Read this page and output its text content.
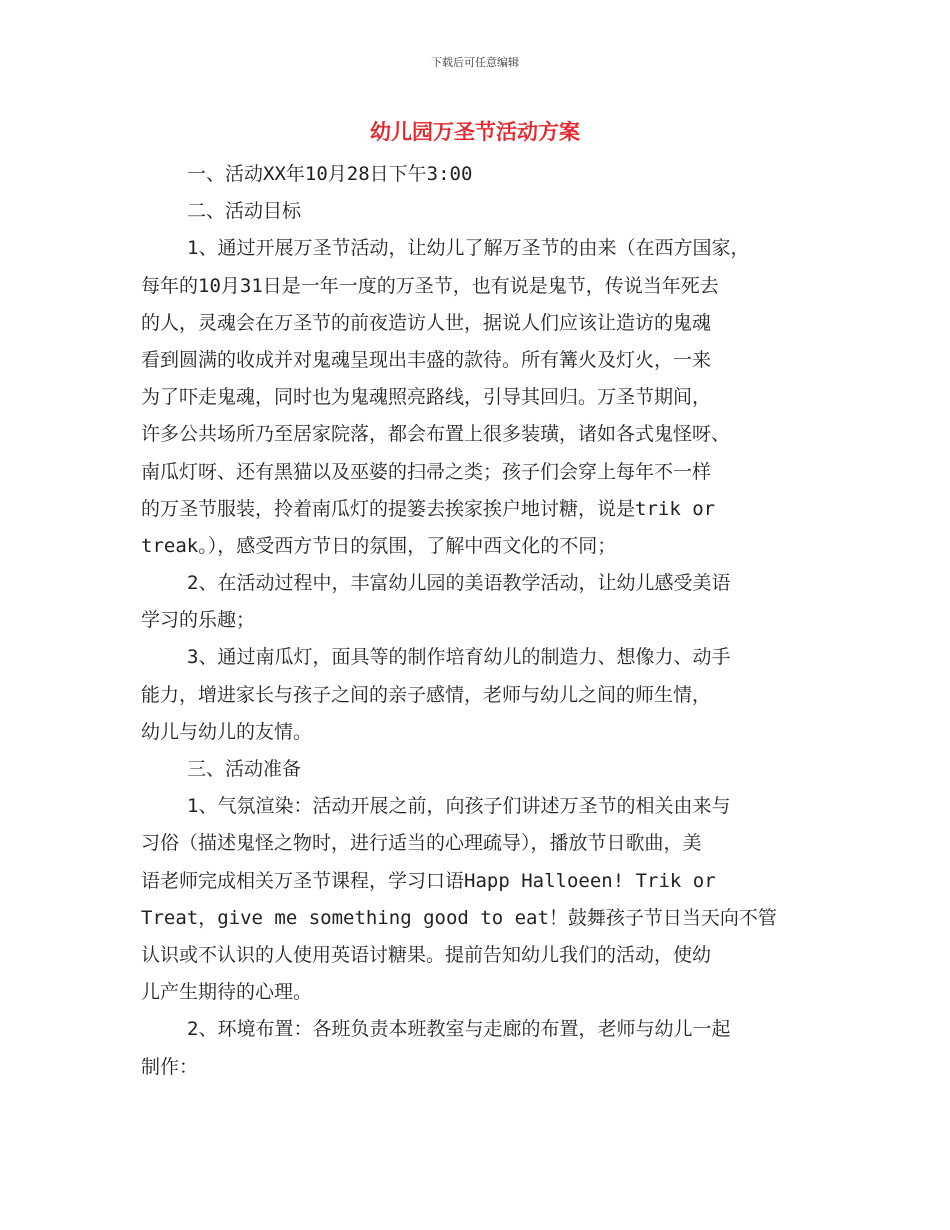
下载后可任意编辑
幼儿园万圣节活动方案
一、活动XX年10月28日下午3:00
二、活动目标
1、通过开展万圣节活动，让幼儿了解万圣节的由来（在西方国家，
每年的10月31日是一年一度的万圣节，也有说是鬼节，传说当年死去
的人，灵魂会在万圣节的前夜造访人世，据说人们应该让造访的鬼魂
看到圆满的收成并对鬼魂呈现出丰盛的款待。所有篝火及灯火，一来
为了吓走鬼魂，同时也为鬼魂照亮路线，引导其回归。万圣节期间，
许多公共场所乃至居家院落，都会布置上很多装璜，诸如各式鬼怪呀、
南瓜灯呀、还有黑猫以及巫婆的扫帚之类；孩子们会穿上每年不一样
的万圣节服装，拎着南瓜灯的提篓去挨家挨户地讨糖，说是trik or
treak。），感受西方节日的氛围，了解中西文化的不同；
2、在活动过程中，丰富幼儿园的美语教学活动，让幼儿感受美语
学习的乐趣；
3、通过南瓜灯，面具等的制作培育幼儿的制造力、想像力、动手
能力，增进家长与孩子之间的亲子感情，老师与幼儿之间的师生情，
幼儿与幼儿的友情。
三、活动准备
1、气氛渲染：活动开展之前，向孩子们讲述万圣节的相关由来与
习俗（描述鬼怪之物时，进行适当的心理疏导），播放节日歌曲，美
语老师完成相关万圣节课程，学习口语Happ Halloeen! Trik or
Treat，give me something good to eat！鼓舞孩子节日当天向不管
认识或不认识的人使用英语讨糖果。提前告知幼儿我们的活动，使幼
儿产生期待的心理。
2、环境布置：各班负责本班教室与走廊的布置，老师与幼儿一起
制作：
